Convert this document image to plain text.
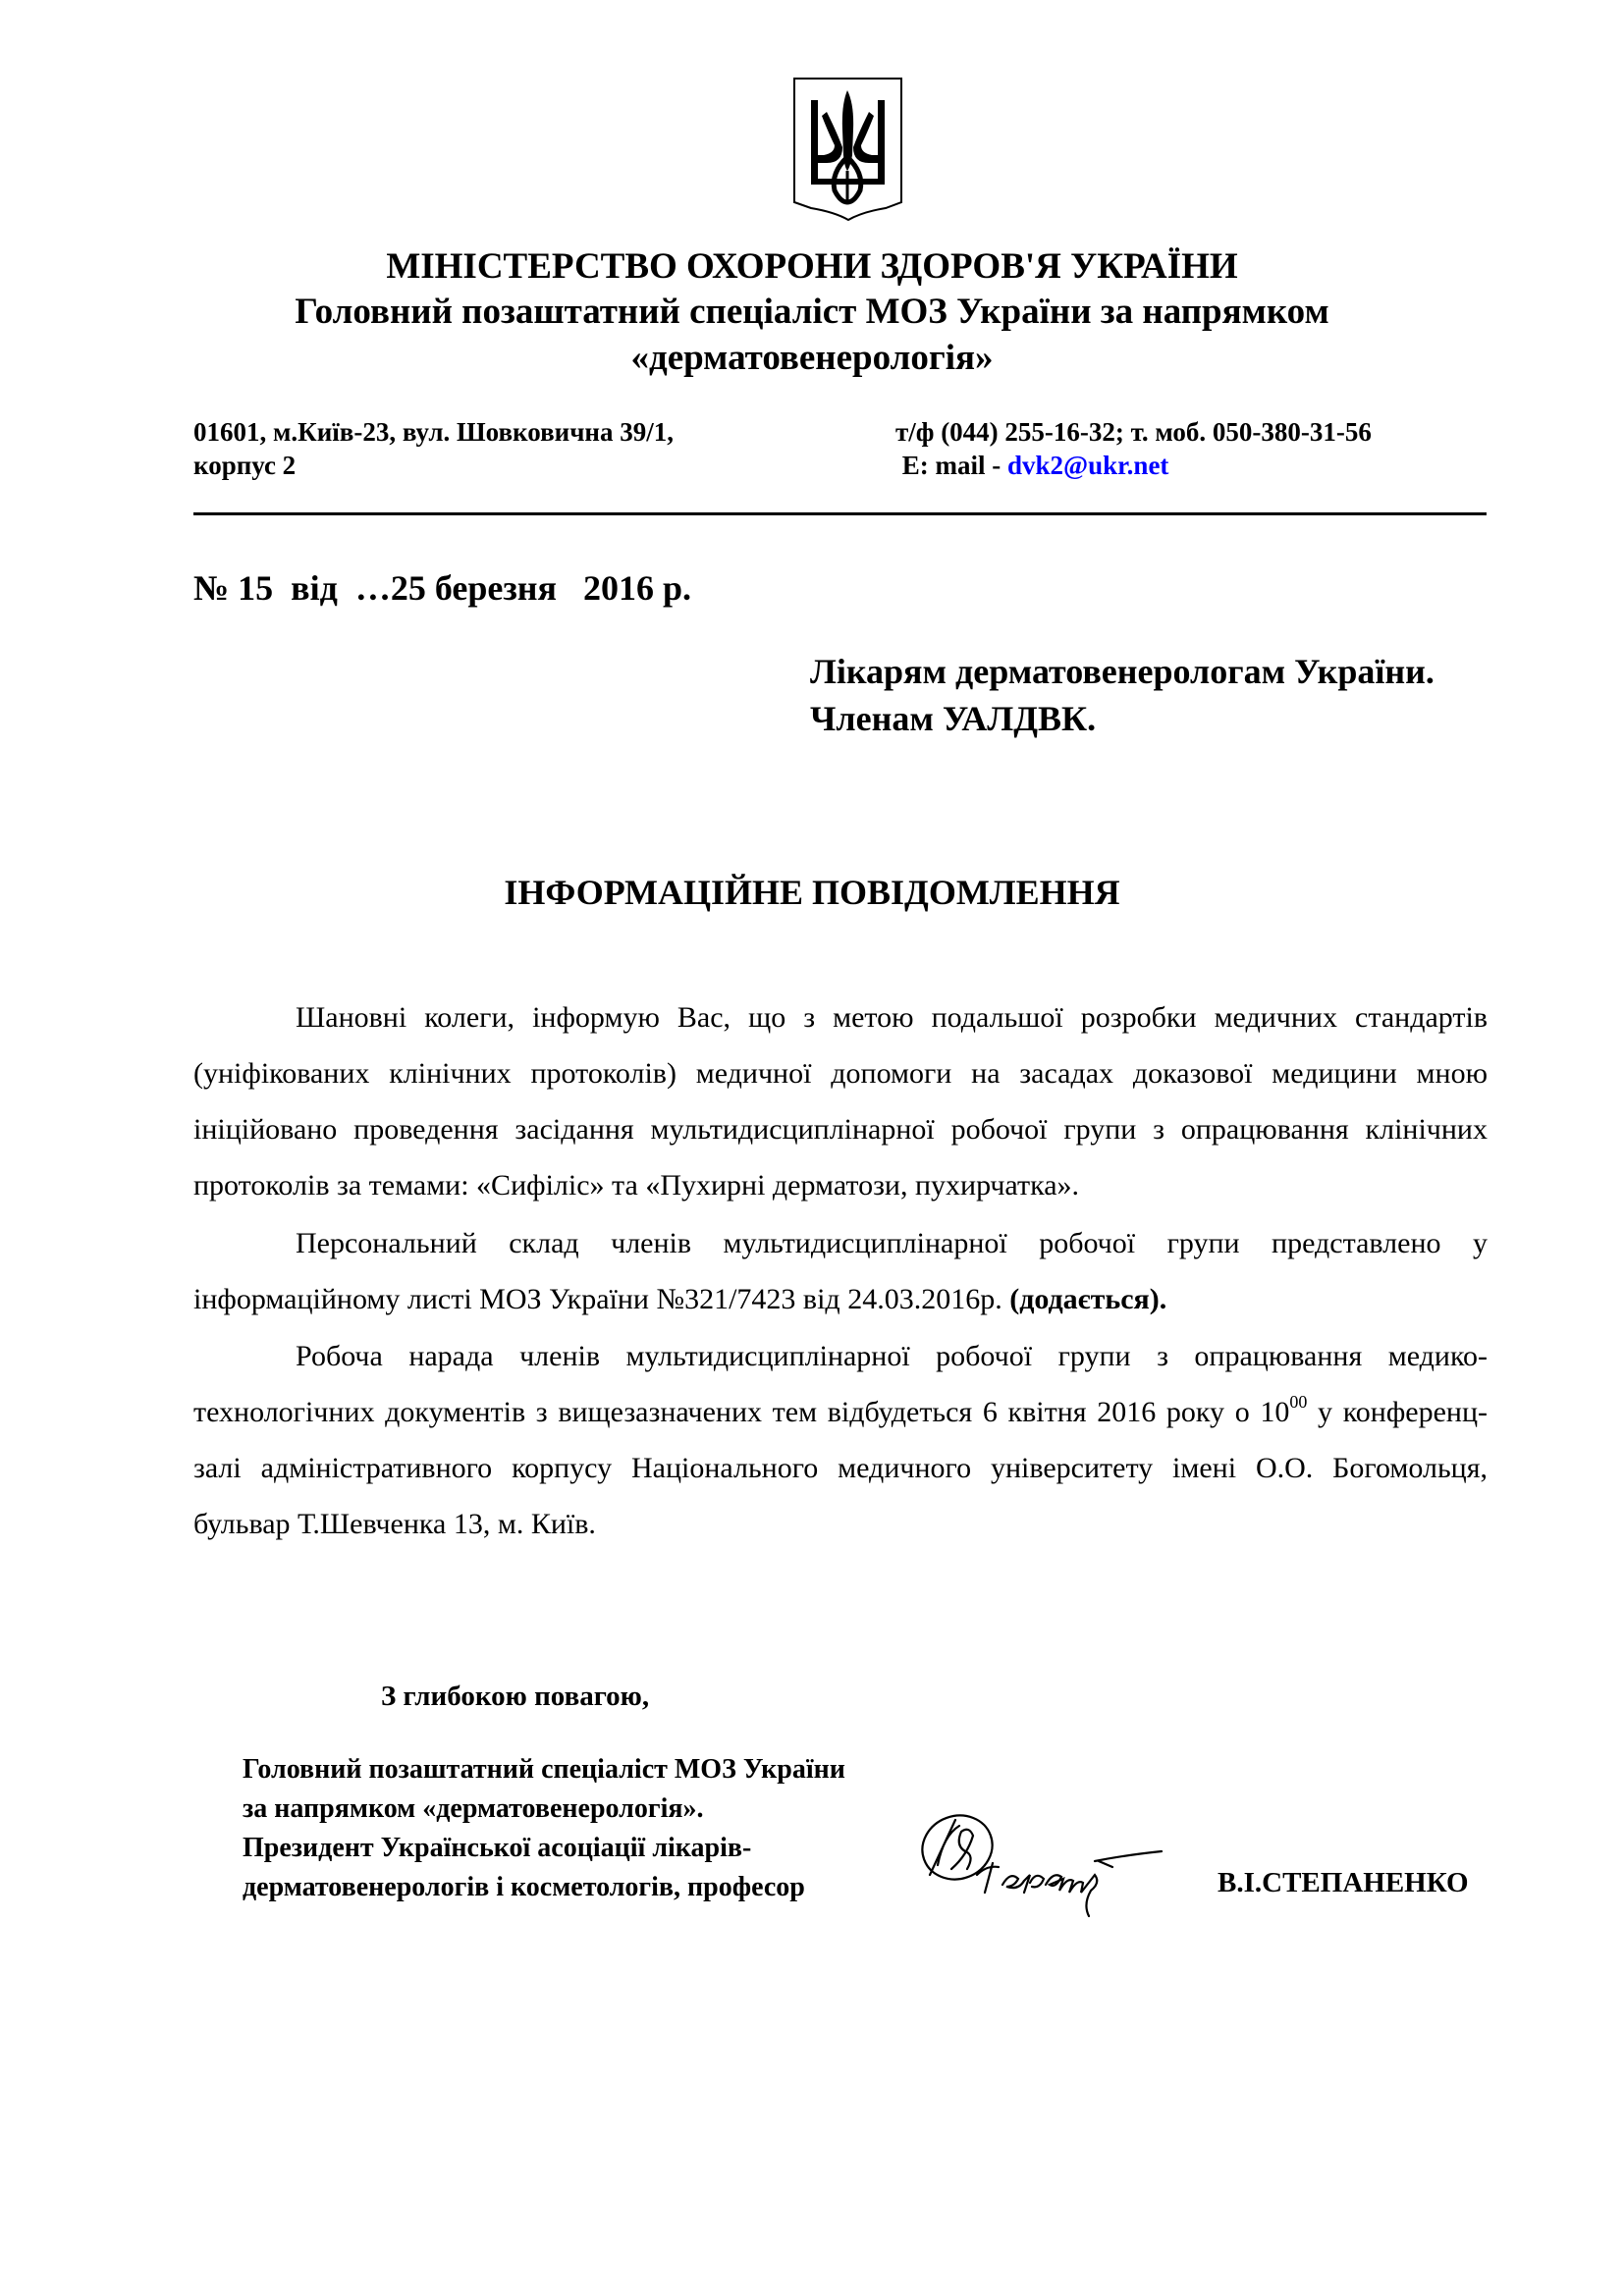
МІНІСТЕРСТВО ОХОРОНИ ЗДОРОВ'Я УКРАЇНИ
Головний позаштатний спеціаліст МОЗ України за напрямком
«дерматовенерологія»
01601, м.Київ-23, вул. Шовковична 39/1,
корпус 2
т/ф (044) 255-16-32; т. моб. 050-380-31-56
E: mail - dvk2@ukr.net
№ 15  від  …25 березня   2016 р.
Лікарям дерматовенерологам України.
Членам УАЛДВК.
ІНФОРМАЦІЙНЕ ПОВІДОМЛЕННЯ

Шановні колеги, інформую Вас, що з метою подальшої розробки медичних стандартів (уніфікованих клінічних протоколів) медичної допомоги на засадах доказової медицини мною ініційовано проведення засідання мультидисциплінарної робочої групи з опрацювання клінічних протоколів за темами: «Сифіліс» та «Пухирні дерматози, пухирчатка».

Персональний склад членів мультидисциплінарної робочої групи представлено у інформаційному листі МОЗ України №321/7423 від 24.03.2016р. (додається).

Робоча нарада членів мультидисциплінарної робочої групи з опрацювання медико-технологічних документів з вищезазначених тем відбудеться 6 квітня 2016 року о $10^{00}$ у конференц-залі адміністративного корпусу Національного медичного університету імені О.О. Богомольця, бульвар Т.Шевченка 13, м. Київ.

З глибокою повагою,
Головний позаштатний спеціаліст МОЗ України
за напрямком «дерматовенерологія».
Президент Української асоціації лікарів-
дерматовенерологів і косметологів, професор	В.І.СТЕПАНЕНКО
